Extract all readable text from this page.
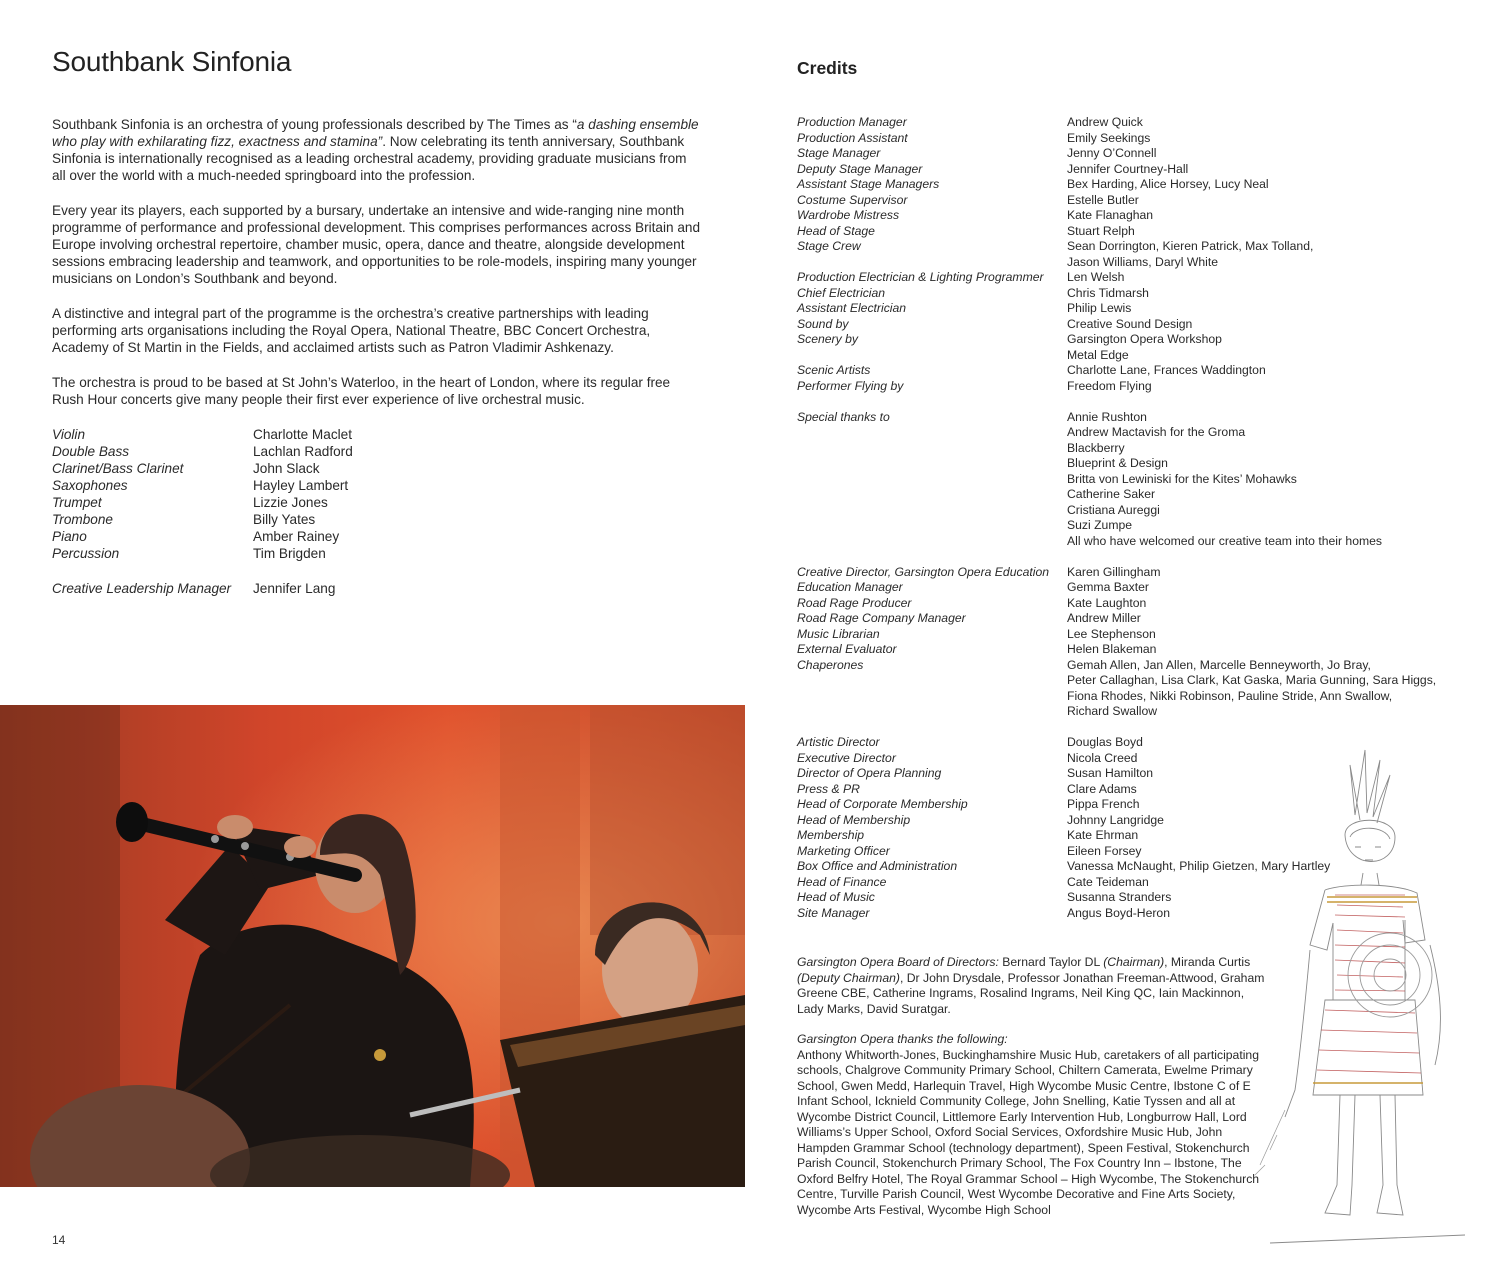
Southbank Sinfonia

Southbank Sinfonia is an orchestra of young professionals described by The Times as “a dashing ensemble who play with exhilarating fizz, exactness and stamina”. Now celebrating its tenth anniversary, Southbank Sinfonia is internationally recognised as a leading orchestral academy, providing graduate musicians from all over the world with a much-needed springboard into the profession.

Every year its players, each supported by a bursary, undertake an intensive and wide-ranging nine month programme of performance and professional development. This comprises performances across Britain and Europe involving orchestral repertoire, chamber music, opera, dance and theatre, alongside development sessions embracing leadership and teamwork, and opportunities to be role-models, inspiring many younger musicians on London’s Southbank and beyond.

A distinctive and integral part of the programme is the orchestra’s creative partnerships with leading performing arts organisations including the Royal Opera, National Theatre, BBC Concert Orchestra, Academy of St Martin in the Fields, and acclaimed artists such as Patron Vladimir Ashkenazy.

The orchestra is proud to be based at St John’s Waterloo, in the heart of London, where its regular free Rush Hour concerts give many people their first ever experience of live orchestral music.

Violin	Charlotte Maclet
Double Bass	Lachlan Radford
Clarinet/Bass Clarinet	John Slack
Saxophones	Hayley Lambert
Trumpet	Lizzie Jones
Trombone	Billy Yates
Piano	Amber Rainey
Percussion	Tim Brigden
Creative Leadership Manager	Jennifer Lang
14
Credits
Production Manager	Andrew Quick
Production Assistant	Emily Seekings
Stage Manager	Jenny O’Connell
Deputy Stage Manager	Jennifer Courtney-Hall
Assistant Stage Managers	Bex Harding, Alice Horsey, Lucy Neal
Costume Supervisor	Estelle Butler
Wardrobe Mistress	Kate Flanaghan
Head of Stage	Stuart Relph
Stage Crew	Sean Dorrington, Kieren Patrick, Max Tolland,
Jason Williams, Daryl White
Production Electrician & Lighting Programmer	Len Welsh
Chief Electrician	Chris Tidmarsh
Assistant Electrician	Philip Lewis
Sound by	Creative Sound Design
Scenery by	Garsington Opera Workshop
Metal Edge
Scenic Artists	Charlotte Lane, Frances Waddington
Performer Flying by	Freedom Flying
Special thanks to	Annie Rushton
Andrew Mactavish for the Groma
Blackberry
Blueprint & Design
Britta von Lewiniski for the Kites’ Mohawks
Catherine Saker
Cristiana Aureggi
Suzi Zumpe
All who have welcomed our creative team into their homes
Creative Director, Garsington Opera Education	Karen Gillingham
Education Manager	Gemma Baxter
Road Rage Producer	Kate Laughton
Road Rage Company Manager	Andrew Miller
Music Librarian	Lee Stephenson
External Evaluator	Helen Blakeman
Chaperones	Gemah Allen, Jan Allen, Marcelle Benneyworth, Jo Bray,
Peter Callaghan, Lisa Clark, Kat Gaska, Maria Gunning, Sara Higgs,
Fiona Rhodes, Nikki Robinson, Pauline Stride, Ann Swallow,
Richard Swallow
Artistic Director	Douglas Boyd
Executive Director	Nicola Creed
Director of Opera Planning	Susan Hamilton
Press & PR	Clare Adams
Head of Corporate Membership	Pippa French
Head of Membership	Johnny Langridge
Membership	Kate Ehrman
Marketing Officer	Eileen Forsey
Box Office and Administration	Vanessa McNaught, Philip Gietzen, Mary Hartley
Head of Finance	Cate Teideman
Head of Music	Susanna Stranders
Site Manager	Angus Boyd-Heron

Garsington Opera Board of Directors: Bernard Taylor DL (Chairman), Miranda Curtis (Deputy Chairman), Dr John Drysdale, Professor Jonathan Freeman-Attwood, Graham Greene CBE, Catherine Ingrams, Rosalind Ingrams, Neil King QC, Iain Mackinnon, Lady Marks, David Suratgar.

Garsington Opera thanks the following:

Anthony Whitworth-Jones, Buckinghamshire Music Hub, caretakers of all participating schools, Chalgrove Community Primary School, Chiltern Camerata, Ewelme Primary School, Gwen Medd, Harlequin Travel, High Wycombe Music Centre, Ibstone C of E Infant School, Icknield Community College, John Snelling, Katie Tyssen and all at Wycombe District Council, Littlemore Early Intervention Hub, Longburrow Hall, Lord Williams’s Upper School, Oxford Social Services, Oxfordshire Music Hub, John Hampden Grammar School (technology department), Speen Festival, Stokenchurch Parish Council, Stokenchurch Primary School, The Fox Country Inn – Ibstone, The Oxford Belfry Hotel, The Royal Grammar School – High Wycombe, The Stokenchurch Centre, Turville Parish Council, West Wycombe Decorative and Fine Arts Society, Wycombe Arts Festival, Wycombe High School
